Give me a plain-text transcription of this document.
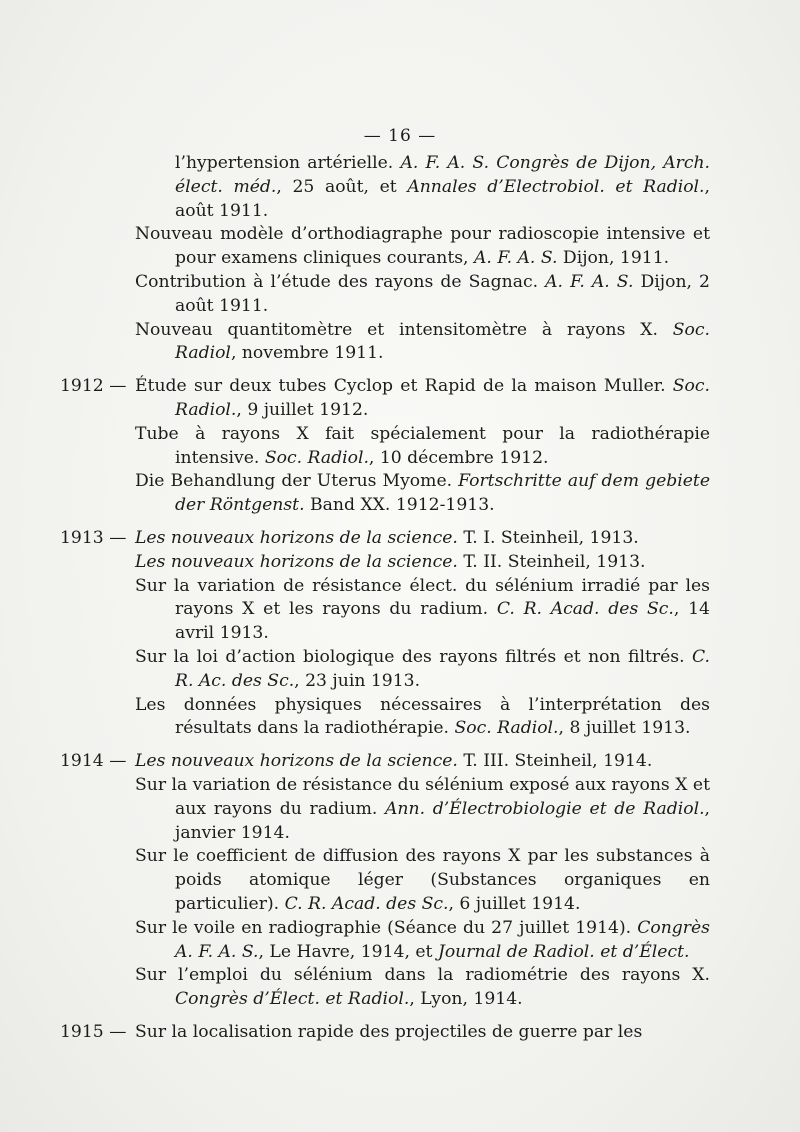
— 16 —
l’hypertension artérielle. A. F. A. S. Congrès de Dijon, Arch. élect. méd., 25 août, et Annales d’Electrobiol. et Radiol., août 1911.
Nouveau modèle d’orthodiagraphe pour radioscopie intensive et pour examens cliniques courants, A. F. A. S. Dijon, 1911.
Contribution à l’étude des rayons de Sagnac. A. F. A. S. Dijon, 2 août 1911.
Nouveau quantitomètre et intensitomètre à rayons X. Soc. Radiol, novembre 1911.
1912 — Étude sur deux tubes Cyclop et Rapid de la maison Muller. Soc. Radiol., 9 juillet 1912.
Tube à rayons X fait spécialement pour la radiothérapie intensive. Soc. Radiol., 10 décembre 1912.
Die Behandlung der Uterus Myome. Fortschritte auf dem gebiete der Röntgenst. Band XX. 1912-1913.
1913 — Les nouveaux horizons de la science. T. I. Steinheil, 1913.
Les nouveaux horizons de la science. T. II. Steinheil, 1913.
Sur la variation de résistance élect. du sélénium irradié par les rayons X et les rayons du radium. C. R. Acad. des Sc., 14 avril 1913.
Sur la loi d’action biologique des rayons filtrés et non filtrés. C. R. Ac. des Sc., 23 juin 1913.
Les données physiques nécessaires à l’interprétation des résultats dans la radiothérapie. Soc. Radiol., 8 juillet 1913.
1914 — Les nouveaux horizons de la science. T. III. Steinheil, 1914.
Sur la variation de résistance du sélénium exposé aux rayons X et aux rayons du radium. Ann. d’Électrobiologie et de Radiol., janvier 1914.
Sur le coefficient de diffusion des rayons X par les substances à poids atomique léger (Substances organiques en particulier). C. R. Acad. des Sc., 6 juillet 1914.
Sur le voile en radiographie (Séance du 27 juillet 1914). Congrès A. F. A. S., Le Havre, 1914, et Journal de Radiol. et d’Élect.
Sur l’emploi du sélénium dans la radiométrie des rayons X. Congrès d’Élect. et Radiol., Lyon, 1914.
1915 — Sur la localisation rapide des projectiles de guerre par les
